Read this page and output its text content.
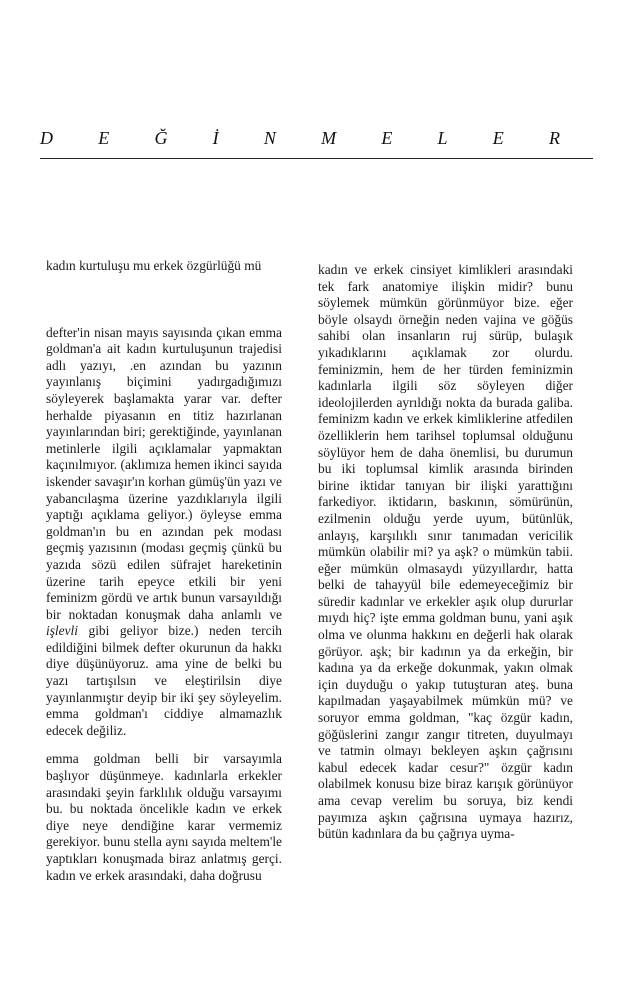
D	E	Ğ	İ	N	M	E	L	E	R

kadın kurtuluşu mu erkek özgürlüğü mü

defter'in nisan mayıs sayısında çıkan emma goldman'a ait kadın kurtuluşunun trajedisi adlı yazıyı, .en azından bu yazının yayınlanış biçimini yadırgadığımızı söyleyerek başlamakta yarar var. defter herhalde piyasanın en titiz hazırlanan yayınlarından biri; gerektiğinde, yayınlanan metinlerle ilgili açıklamalar yapmaktan kaçınılmıyor. (aklımıza hemen ikinci sayıda iskender savaşır'ın korhan gümüş'ün yazı ve yabancılaşma üzerine yazdıklarıyla ilgili yaptığı açıklama geliyor.) öyleyse emma goldman'ın bu en azından pek modası geçmiş yazısının (modası geçmiş çünkü bu yazıda sözü edilen süfrajet hareketinin üzerine tarih epeyce etkili bir yeni feminizm gördü ve artık bunun varsayıldığı bir noktadan konuşmak daha anlamlı ve işlevli gibi geliyor bize.) neden tercih edildiğini bilmek defter okurunun da hakkı diye düşünüyoruz. ama yine de belki bu yazı tartışılsın ve eleştirilsin diye yayınlanmıştır deyip bir iki şey söyleyelim. emma goldman'ı ciddiye almamazlık edecek değiliz.

emma goldman belli bir varsayımla başlıyor düşünmeye. kadınlarla erkekler arasındaki şeyin farklılık olduğu varsayımı bu. bu noktada öncelikle kadın ve erkek diye neye dendiğine karar vermemiz gerekiyor. bunu stella aynı sayıda meltem'le yaptıkları konuşmada biraz anlatmış gerçi. kadın ve erkek arasındaki, daha doğrusu

kadın ve erkek cinsiyet kimlikleri arasındaki tek fark anatomiye ilişkin midir? bunu söylemek mümkün görünmüyor bize. eğer böyle olsaydı örneğin neden vajina ve göğüs sahibi olan insanların ruj sürüp, bulaşık yıkadıklarını açıklamak zor olurdu. feminizmin, hem de her türden feminizmin kadınlarla ilgili söz söyleyen diğer ideolojilerden ayrıldığı nokta da burada galiba. feminizm kadın ve erkek kimliklerine atfedilen özelliklerin hem tarihsel toplumsal olduğunu söylüyor hem de daha önemlisi, bu durumun bu iki toplumsal kimlik arasında birinden birine iktidar tanıyan bir ilişki yarattığını farkediyor. iktidarın, baskının, sömürünün, ezilmenin olduğu yerde uyum, bütünlük, anlayış, karşılıklı sınır tanımadan vericilik mümkün olabilir mi? ya aşk? o mümkün tabii. eğer mümkün olmasaydı yüzyıllardır, hatta belki de tahayyül bile edemeyeceğimiz bir süredir kadınlar ve erkekler aşık olup dururlar mıydı hiç? işte emma goldman bunu, yani aşık olma ve olunma hakkını en değerli hak olarak görüyor. aşk; bir kadının ya da erkeğin, bir kadına ya da erkeğe dokunmak, yakın olmak için duyduğu o yakıp tutuşturan ateş. buna kapılmadan yaşayabilmek mümkün mü? ve soruyor emma goldman, "kaç özgür kadın, göğüslerini zangır zangır titreten, duyulmayı ve tatmin olmayı bekleyen aşkın çağrısını kabul edecek kadar cesur?" özgür kadın olabilmek konusu bize biraz karışık görünüyor ama cevap verelim bu soruya, biz kendi payımıza aşkın çağrısına uymaya hazırız, bütün kadınlara da bu çağrıya uyma-
